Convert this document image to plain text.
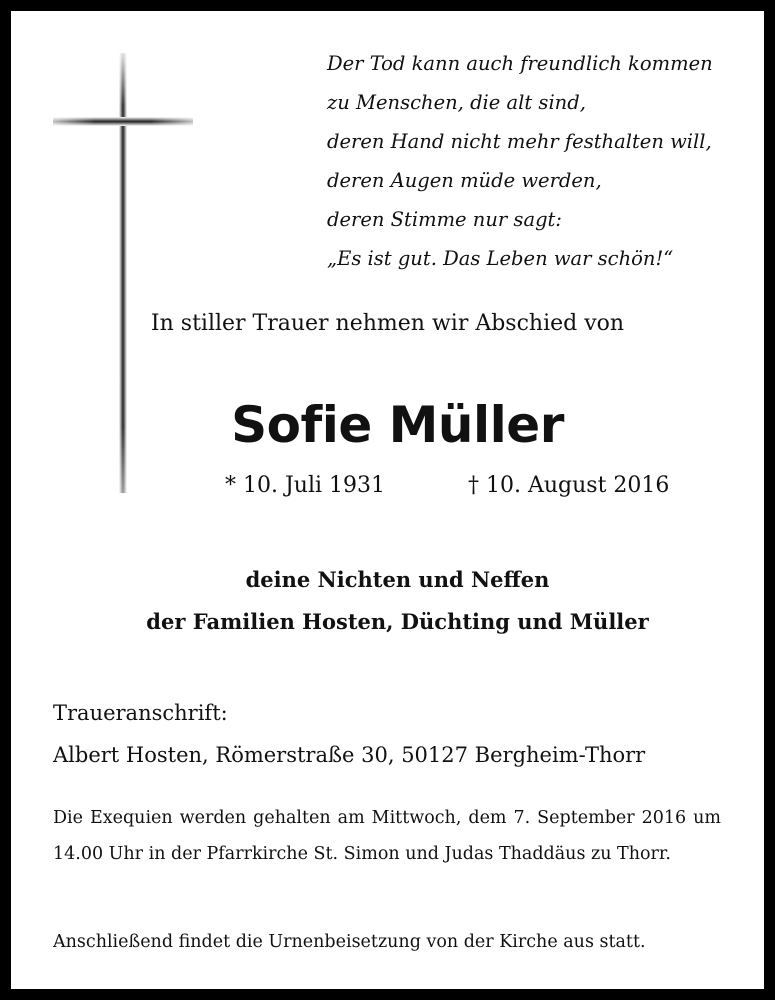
Der Tod kann auch freundlich kommen
zu Menschen, die alt sind,
deren Hand nicht mehr festhalten will,
deren Augen müde werden,
deren Stimme nur sagt:
„Es ist gut. Das Leben war schön!“
In stiller Trauer nehmen wir Abschied von
Sofie Müller
* 10. Juli 1931	† 10. August 2016
deine Nichten und Neffen
der Familien Hosten, Düchting und Müller
Traueranschrift:
Albert Hosten, Römerstraße 30, 50127 Bergheim-Thorr
Die Exequien werden gehalten am Mittwoch, dem 7. September 2016 um 14.00 Uhr in der Pfarrkirche St. Simon und Judas Thaddäus zu Thorr.
Anschließend findet die Urnenbeisetzung von der Kirche aus statt.
